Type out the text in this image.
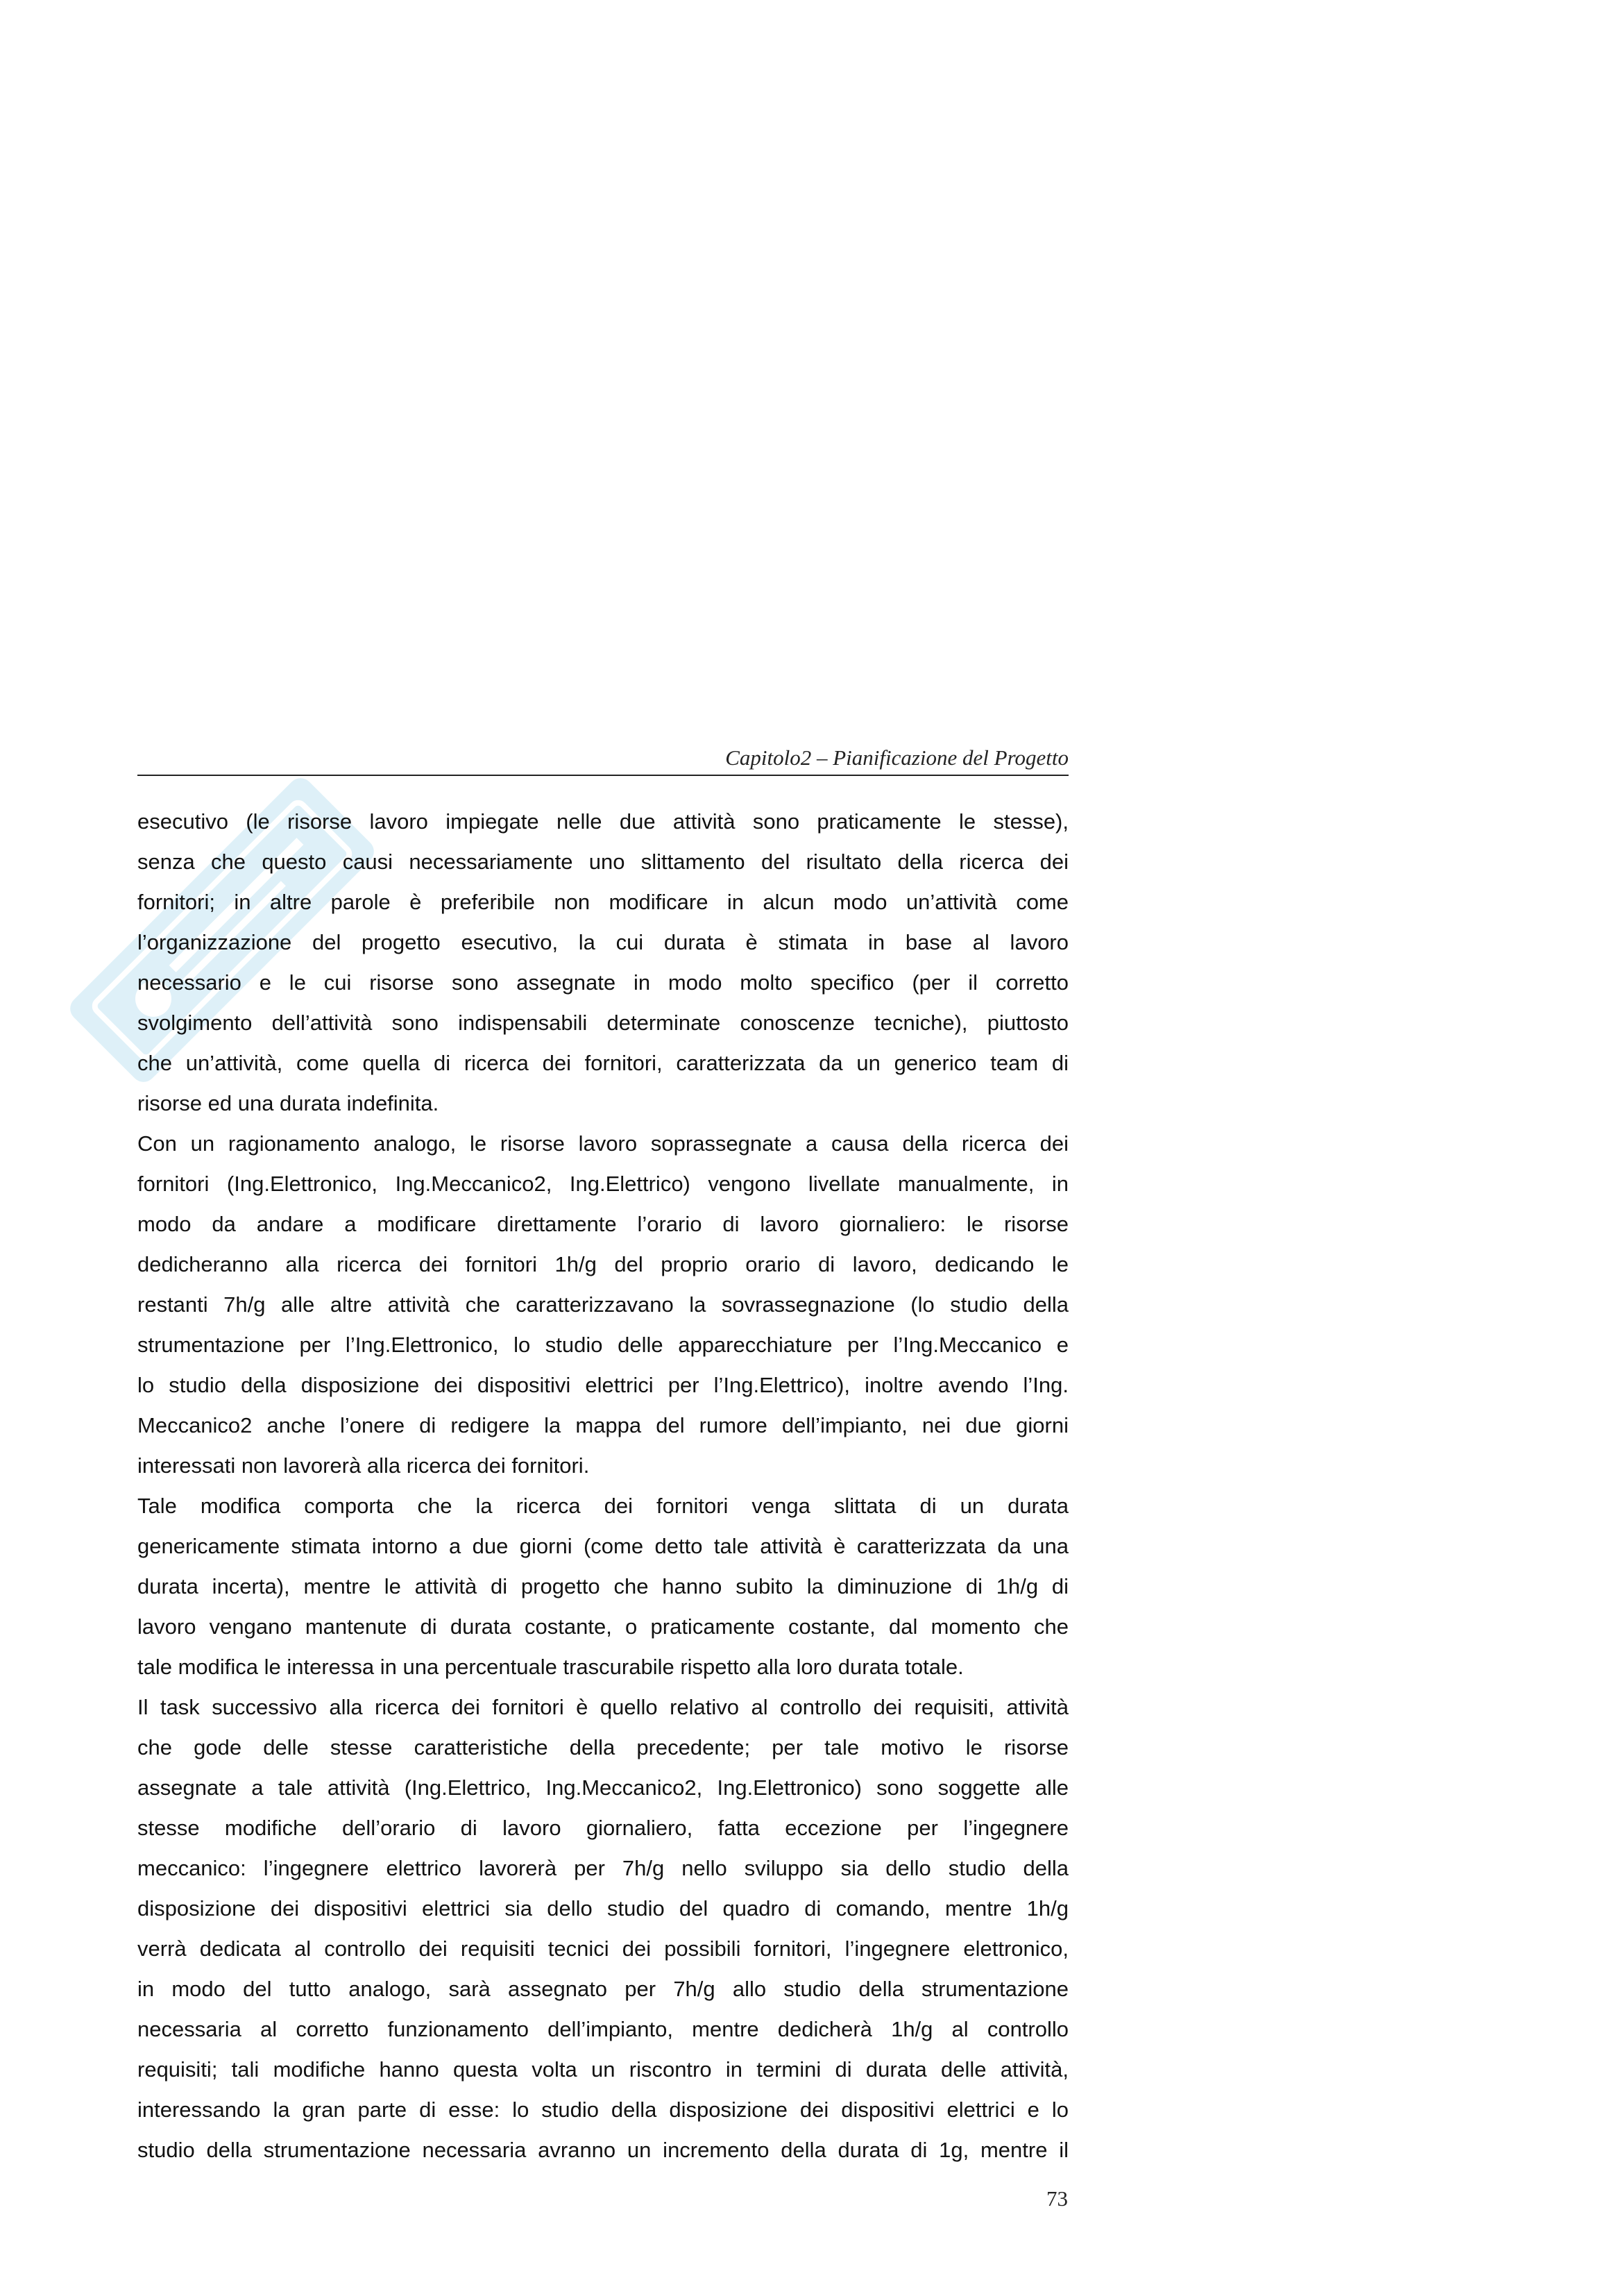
Capitolo2 – Pianificazione del Progetto
esecutivo (le risorse lavoro impiegate nelle due attività sono praticamente le stesse),
senza che questo causi necessariamente uno slittamento del risultato della ricerca dei
fornitori; in altre parole è preferibile non modificare in alcun modo un’attività come
l’organizzazione del progetto esecutivo, la cui durata è stimata in base al lavoro
necessario e le cui risorse sono assegnate in modo molto specifico (per il corretto
svolgimento dell’attività sono indispensabili determinate conoscenze tecniche), piuttosto
che un’attività, come quella di ricerca dei fornitori, caratterizzata da un generico team di
risorse ed una durata indefinita.
Con un ragionamento analogo, le risorse lavoro soprassegnate a causa della ricerca dei
fornitori (Ing.Elettronico, Ing.Meccanico2, Ing.Elettrico) vengono livellate manualmente, in
modo da andare a modificare direttamente l’orario di lavoro giornaliero: le risorse
dedicheranno alla ricerca dei fornitori 1h/g del proprio orario di lavoro, dedicando le
restanti 7h/g alle altre attività che caratterizzavano la sovrassegnazione (lo studio della
strumentazione per l’Ing.Elettronico, lo studio delle apparecchiature per l’Ing.Meccanico e
lo studio della disposizione dei dispositivi elettrici per l’Ing.Elettrico), inoltre avendo l’Ing.
Meccanico2 anche l’onere di redigere la mappa del rumore dell’impianto, nei due giorni
interessati non lavorerà alla ricerca dei fornitori.
Tale modifica comporta che la ricerca dei fornitori venga slittata di un durata
genericamente stimata intorno a due giorni (come detto tale attività è caratterizzata da una
durata incerta), mentre le attività di progetto che hanno subito la diminuzione di 1h/g di
lavoro vengano mantenute di durata costante, o praticamente costante, dal momento che
tale modifica le interessa in una percentuale trascurabile rispetto alla loro durata totale.
Il task successivo alla ricerca dei fornitori è quello relativo al controllo dei requisiti, attività
che gode delle stesse caratteristiche della precedente; per tale motivo le risorse
assegnate a tale attività (Ing.Elettrico, Ing.Meccanico2, Ing.Elettronico) sono soggette alle
stesse modifiche dell’orario di lavoro giornaliero, fatta eccezione per l’ingegnere
meccanico: l’ingegnere elettrico lavorerà per 7h/g nello sviluppo sia dello studio della
disposizione dei dispositivi elettrici sia dello studio del quadro di comando, mentre 1h/g
verrà dedicata al controllo dei requisiti tecnici dei possibili fornitori, l’ingegnere elettronico,
in modo del tutto analogo, sarà assegnato per 7h/g allo studio della strumentazione
necessaria al corretto funzionamento dell’impianto, mentre dedicherà 1h/g al controllo
requisiti; tali modifiche hanno questa volta un riscontro in termini di durata delle attività,
interessando la gran parte di esse: lo studio della disposizione dei dispositivi elettrici e lo
studio della strumentazione necessaria avranno un incremento della durata di 1g, mentre il
73
